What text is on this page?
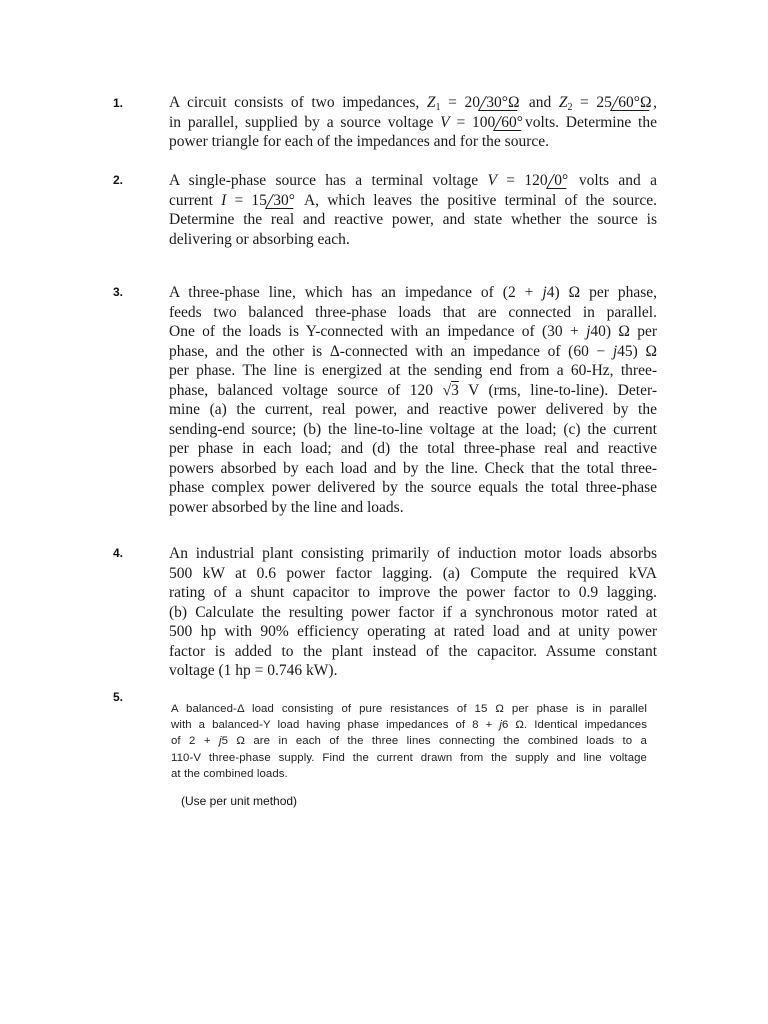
1.	A circuit consists of two impedances, $Z_1 = 20$ 30°Ω and $Z_2 = 25$ 60°Ω ,
in parallel, supplied by a source voltage V = 100 60° volts. Determine the
power triangle for each of the impedances and for the source.
2.	A single-phase source has a terminal voltage V = 120 0° volts and a
current I = 15 30° A, which leaves the positive terminal of the source.
Determine the real and reactive power, and state whether the source is
delivering or absorbing each.
3.	A three-phase line, which has an impedance of (2 + j4) Ω per phase,
feeds two balanced three-phase loads that are connected in parallel.
One of the loads is Y-connected with an impedance of (30 + j40) Ω per
phase, and the other is Δ-connected with an impedance of (60 − j45) Ω
per phase. The line is energized at the sending end from a 60-Hz, three-
phase, balanced voltage source of 120 √3 V (rms, line-to-line). Deter-
mine (a) the current, real power, and reactive power delivered by the
sending-end source; (b) the line-to-line voltage at the load; (c) the current
per phase in each load; and (d) the total three-phase real and reactive
powers absorbed by each load and by the line. Check that the total three-
phase complex power delivered by the source equals the total three-phase
power absorbed by the line and loads.
4.	An industrial plant consisting primarily of induction motor loads absorbs
500 kW at 0.6 power factor lagging. (a) Compute the required kVA
rating of a shunt capacitor to improve the power factor to 0.9 lagging.
(b) Calculate the resulting power factor if a synchronous motor rated at
500 hp with 90% efficiency operating at rated load and at unity power
factor is added to the plant instead of the capacitor. Assume constant
voltage (1 hp = 0.746 kW).
5.
A balanced-Δ load consisting of pure resistances of 15 Ω per phase is in parallel
with a balanced-Y load having phase impedances of 8 + j6 Ω. Identical impedances
of 2 + j5 Ω are in each of the three lines connecting the combined loads to a
110-V three-phase supply. Find the current drawn from the supply and line voltage
at the combined loads.
(Use per unit method)
